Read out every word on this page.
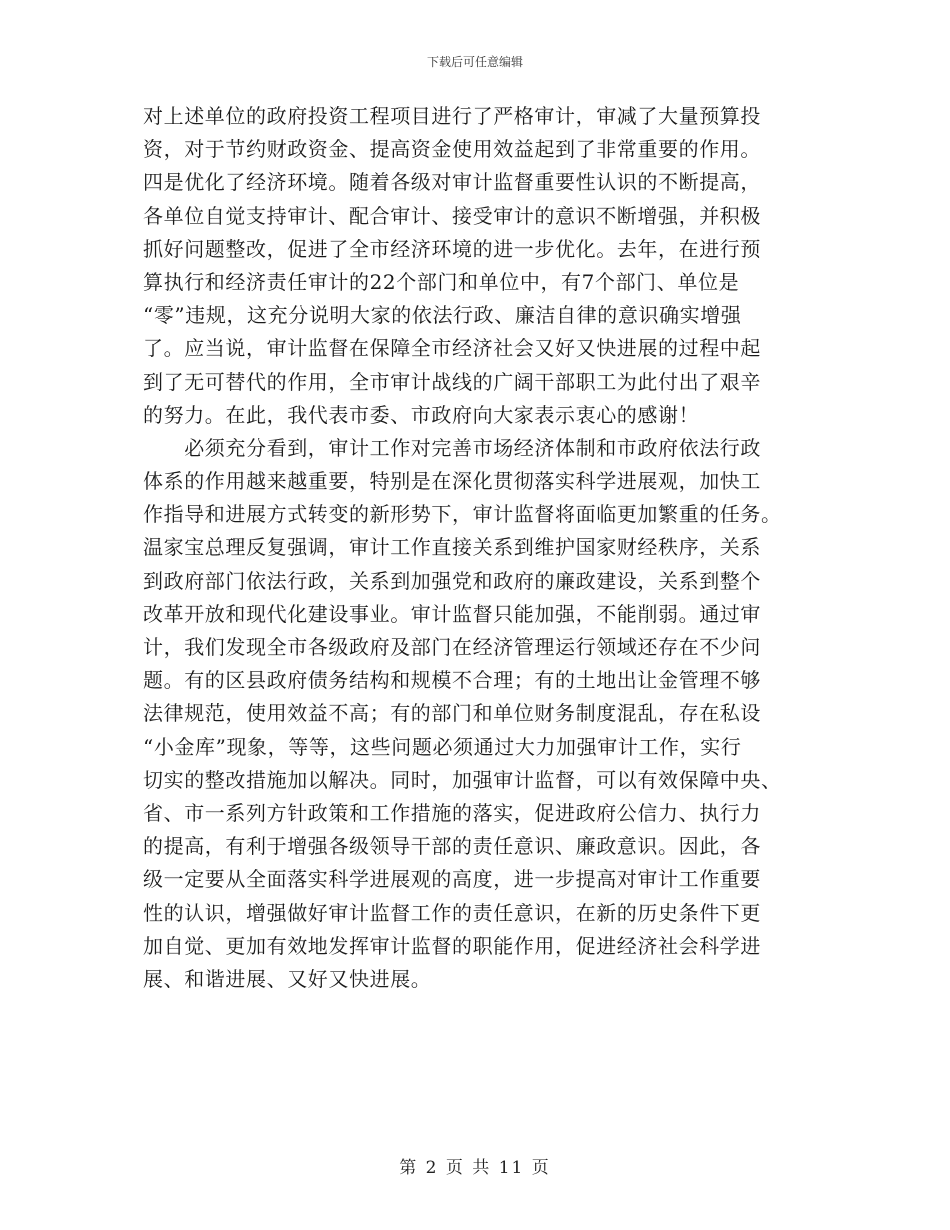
下载后可任意编辑
对上述单位的政府投资工程项目进行了严格审计，审减了大量预算投
资，对于节约财政资金、提高资金使用效益起到了非常重要的作用。
四是优化了经济环境。随着各级对审计监督重要性认识的不断提高，
各单位自觉支持审计、配合审计、接受审计的意识不断增强，并积极
抓好问题整改，促进了全市经济环境的进一步优化。去年，在进行预
算执行和经济责任审计的22个部门和单位中，有7个部门、单位是
“零”违规，这充分说明大家的依法行政、廉洁自律的意识确实增强
了。应当说，审计监督在保障全市经济社会又好又快进展的过程中起
到了无可替代的作用，全市审计战线的广阔干部职工为此付出了艰辛
的努力。在此，我代表市委、市政府向大家表示衷心的感谢！
　　必须充分看到，审计工作对完善市场经济体制和市政府依法行政
体系的作用越来越重要，特别是在深化贯彻落实科学进展观，加快工
作指导和进展方式转变的新形势下，审计监督将面临更加繁重的任务。
温家宝总理反复强调，审计工作直接关系到维护国家财经秩序，关系
到政府部门依法行政，关系到加强党和政府的廉政建设，关系到整个
改革开放和现代化建设事业。审计监督只能加强，不能削弱。通过审
计，我们发现全市各级政府及部门在经济管理运行领域还存在不少问
题。有的区县政府债务结构和规模不合理；有的土地出让金管理不够
法律规范，使用效益不高；有的部门和单位财务制度混乱，存在私设
“小金库”现象，等等，这些问题必须通过大力加强审计工作，实行
切实的整改措施加以解决。同时，加强审计监督，可以有效保障中央、
省、市一系列方针政策和工作措施的落实，促进政府公信力、执行力
的提高，有利于增强各级领导干部的责任意识、廉政意识。因此，各
级一定要从全面落实科学进展观的高度，进一步提高对审计工作重要
性的认识，增强做好审计监督工作的责任意识，在新的历史条件下更
加自觉、更加有效地发挥审计监督的职能作用，促进经济社会科学进
展、和谐进展、又好又快进展。
第 2 页 共 11 页
